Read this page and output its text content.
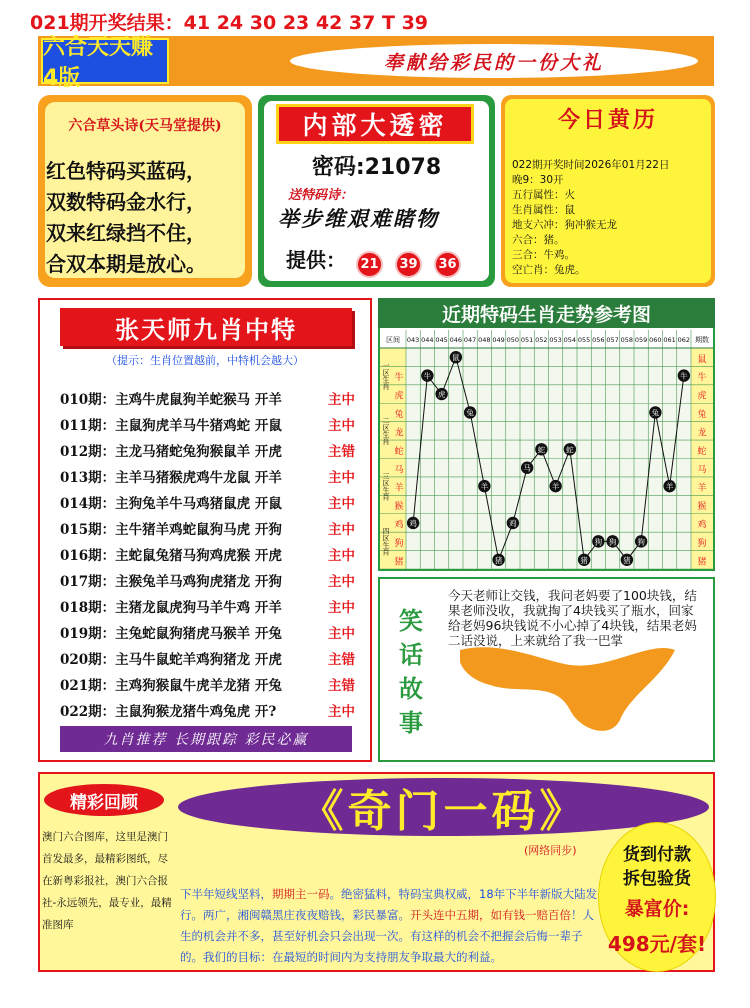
021期开奖结果：41 24 30 23 42 37 T 39
六合天天赚4版
奉献给彩民的一份大礼
六合草头诗(天马堂提供)
红色特码买蓝码，
双数特码金水行，
双来红绿挡不住，
合双本期是放心。
内部大透密
密码:21078
送特码诗：
举步维艰难睹物
提供：	21	39	36
今日黄历
022期开奖时间2026年01月22日
晚9：30开
五行属性：火
生肖属性：鼠
地支六冲：狗冲猴无龙
六合：猪。
三合：牛鸡。
空亡肖：兔虎。
张天师九肖中特
（提示：生肖位置越前，中特机会越大）
010期：主鸡牛虎鼠狗羊蛇猴马 开羊	主中
011期：主鼠狗虎羊马牛猪鸡蛇 开鼠	主中
012期：主龙马猪蛇兔狗猴鼠羊 开虎	主错
013期：主羊马猪猴虎鸡牛龙鼠 开羊	主中
014期：主狗兔羊牛马鸡猪鼠虎 开鼠	主中
015期：主牛猪羊鸡蛇鼠狗马虎 开狗	主中
016期：主蛇鼠兔猪马狗鸡虎猴 开虎	主中
017期：主猴兔羊马鸡狗虎猪龙 开狗	主中
018期：主猪龙鼠虎狗马羊牛鸡 开羊	主中
019期：主兔蛇鼠狗猪虎马猴羊 开兔	主中
020期：主马牛鼠蛇羊鸡狗猪龙 开虎	主错
021期：主鸡狗猴鼠牛虎羊龙猪 开兔	主错
022期：主鼠狗猴龙猪牛鸡兔虎 开?	主中
九肖推荐 长期跟踪 彩民必赢
近期特码生肖走势参考图
区间	期数
043 044 045 046 047 048 049 050 051 052 053 054 055 056 057 058 059 060 061 062
一区生肖
二区生肖
三区生肖
四区生肖
牛
虎
兔
龙
蛇
马
羊
猴
鸡
狗
猪
鼠
牛
虎
兔
龙
蛇
马
羊
猴
鸡
狗
猪
鸡
牛
虎
鼠
兔
羊
猪
鸡
马
蛇
羊
蛇
猪
狗 狗
猪
狗
兔
羊
牛
笑话故事
今天老师让交钱，我问老妈要了100块钱，结果老师没收，我就掏了4块钱买了瓶水，回家给老妈96块钱说不小心掉了4块钱，结果老妈二话没说，上来就给了我一巴掌
精彩回顾
澳门六合图库，这里是澳门首发最多，最精彩图纸，尽在新粤彩报社，澳门六合报社-永远领先，最专业，最精准图库
《奇门一码》
(网络同步)
下半年短线坚料，期期主一码。绝密猛料，特码宝典权威，18年下半年新版大陆发行。两广，湘闽赣黑庄夜夜赔钱，彩民暴富。开头连中五期，如有钱一赔百倍！人生的机会并不多，甚至好机会只会出现一次。有这样的机会不把握会后悔一辈子的。我们的目标：在最短的时间内为支持朋友争取最大的利益。
货到付款
拆包验货
暴富价:
498元/套!
